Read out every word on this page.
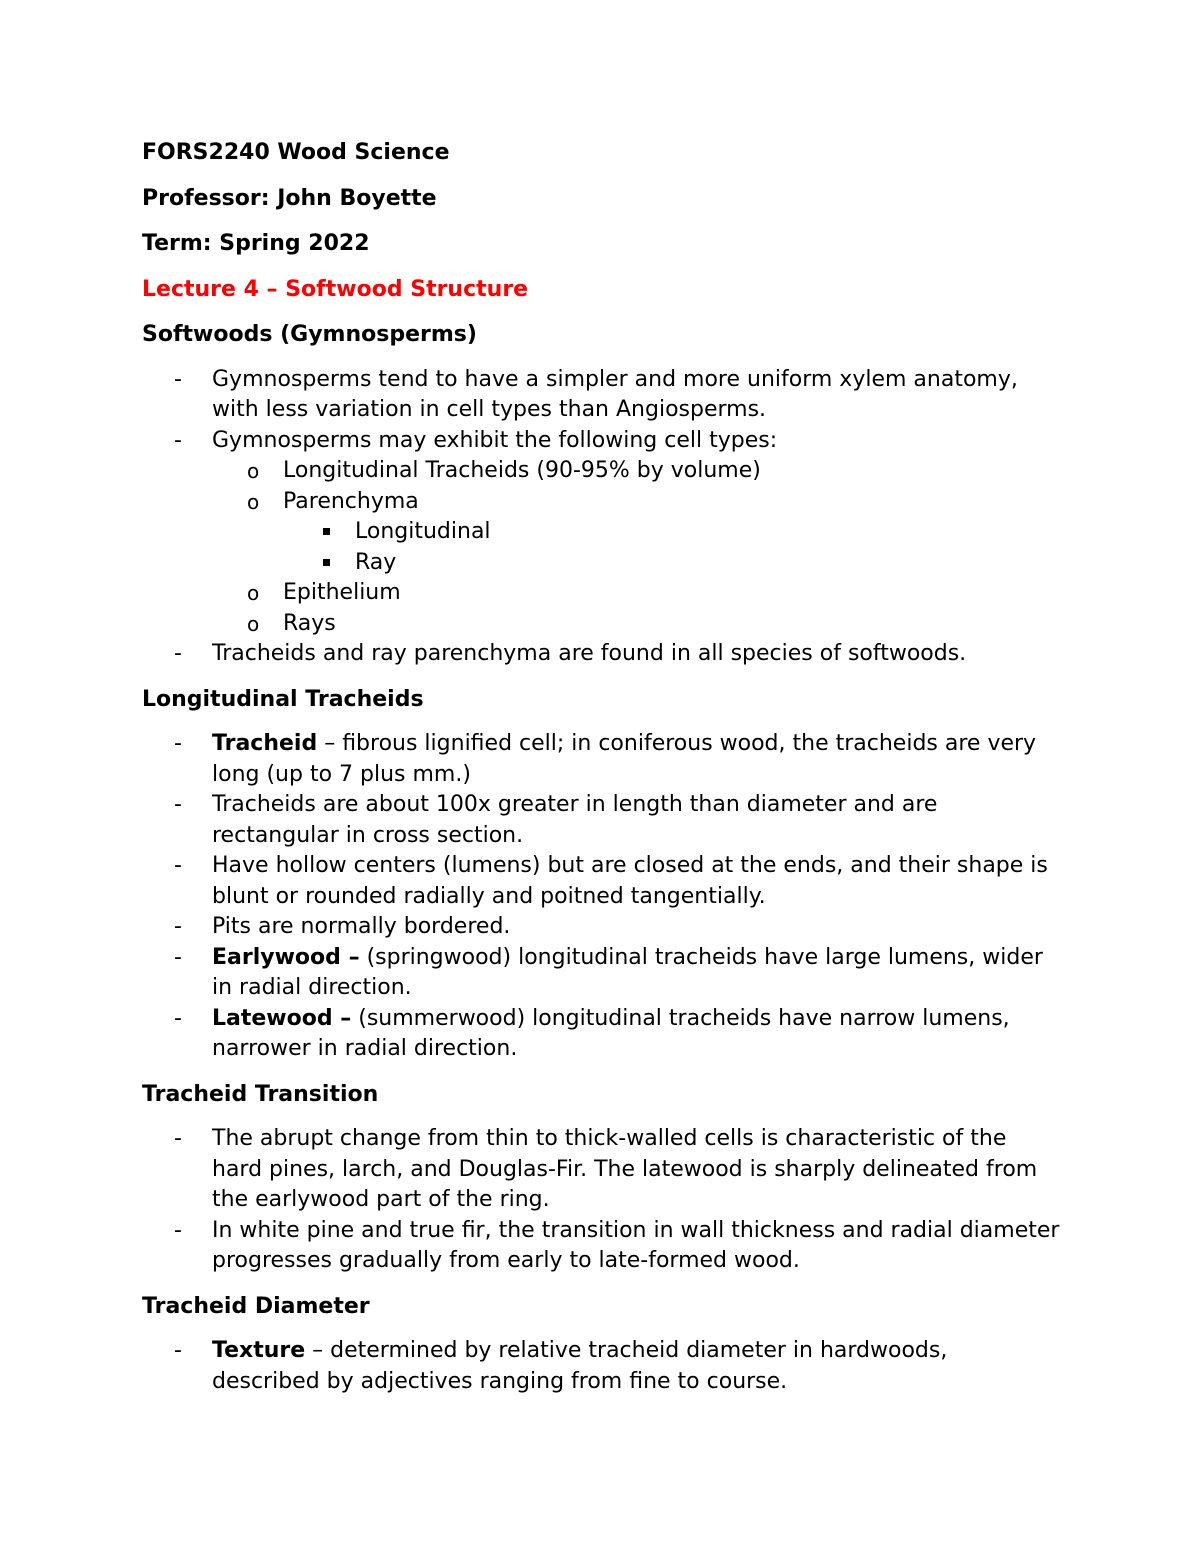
FORS2240 Wood Science
Professor: John Boyette
Term: Spring 2022
Lecture 4 – Softwood Structure
Softwoods (Gymnosperms)
- Gymnosperms tend to have a simpler and more uniform xylem anatomy, with less variation in cell types than Angiosperms.
- Gymnosperms may exhibit the following cell types:
o Longitudinal Tracheids (90-95% by volume)
o Parenchyma
Longitudinal
Ray
o Epithelium
o Rays
- Tracheids and ray parenchyma are found in all species of softwoods.
Longitudinal Tracheids
- Tracheid – fibrous lignified cell; in coniferous wood, the tracheids are very long (up to 7 plus mm.)
- Tracheids are about 100x greater in length than diameter and are rectangular in cross section.
- Have hollow centers (lumens) but are closed at the ends, and their shape is blunt or rounded radially and poitned tangentially.
- Pits are normally bordered.
- Earlywood – (springwood) longitudinal tracheids have large lumens, wider in radial direction.
- Latewood – (summerwood) longitudinal tracheids have narrow lumens, narrower in radial direction.
Tracheid Transition
- The abrupt change from thin to thick-walled cells is characteristic of the hard pines, larch, and Douglas-Fir. The latewood is sharply delineated from the earlywood part of the ring.
- In white pine and true fir, the transition in wall thickness and radial diameter progresses gradually from early to late-formed wood.
Tracheid Diameter
- Texture – determined by relative tracheid diameter in hardwoods, described by adjectives ranging from fine to course.
